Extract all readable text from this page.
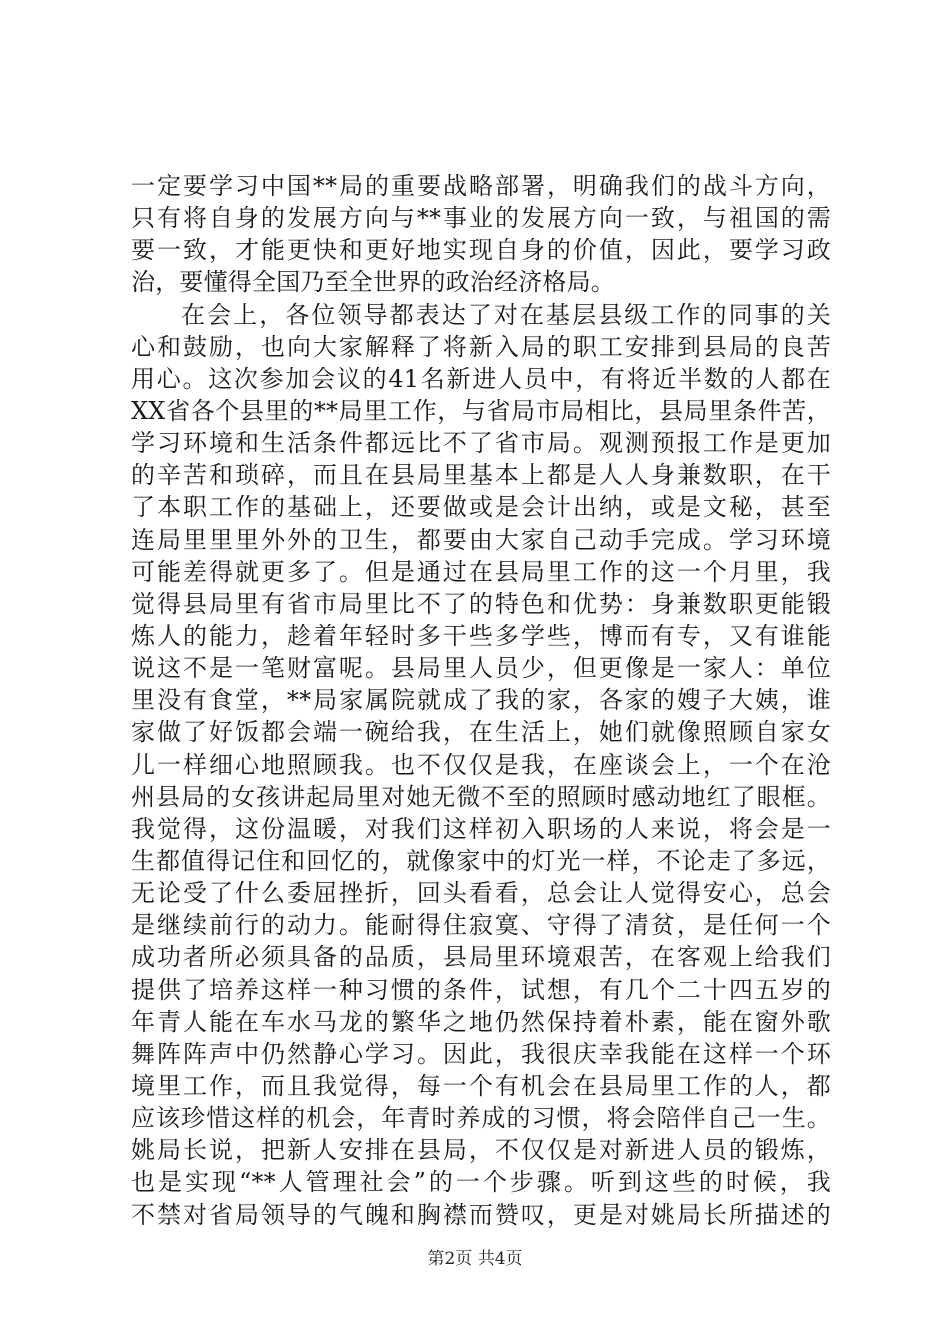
一定要学习中国**局的重要战略部署，明确我们的战斗方向，
只有将自身的发展方向与**事业的发展方向一致，与祖国的需
要一致，才能更快和更好地实现自身的价值，因此，要学习政
治，要懂得全国乃至全世界的政治经济格局。
在会上，各位领导都表达了对在基层县级工作的同事的关
心和鼓励，也向大家解释了将新入局的职工安排到县局的良苦
用心。这次参加会议的41名新进人员中，有将近半数的人都在
XX省各个县里的**局里工作，与省局市局相比，县局里条件苦，
学习环境和生活条件都远比不了省市局。观测预报工作是更加
的辛苦和琐碎，而且在县局里基本上都是人人身兼数职，在干
了本职工作的基础上，还要做或是会计出纳，或是文秘，甚至
连局里里里外外的卫生，都要由大家自己动手完成。学习环境
可能差得就更多了。但是通过在县局里工作的这一个月里，我
觉得县局里有省市局里比不了的特色和优势：身兼数职更能锻
炼人的能力，趁着年轻时多干些多学些，博而有专，又有谁能
说这不是一笔财富呢。县局里人员少，但更像是一家人：单位
里没有食堂，**局家属院就成了我的家，各家的嫂子大姨，谁
家做了好饭都会端一碗给我，在生活上，她们就像照顾自家女
儿一样细心地照顾我。也不仅仅是我，在座谈会上，一个在沧
州县局的女孩讲起局里对她无微不至的照顾时感动地红了眼框。
我觉得，这份温暖，对我们这样初入职场的人来说，将会是一
生都值得记住和回忆的，就像家中的灯光一样，不论走了多远，
无论受了什么委屈挫折，回头看看，总会让人觉得安心，总会
是继续前行的动力。能耐得住寂寞、守得了清贫，是任何一个
成功者所必须具备的品质，县局里环境艰苦，在客观上给我们
提供了培养这样一种习惯的条件，试想，有几个二十四五岁的
年青人能在车水马龙的繁华之地仍然保持着朴素，能在窗外歌
舞阵阵声中仍然静心学习。因此，我很庆幸我能在这样一个环
境里工作，而且我觉得，每一个有机会在县局里工作的人，都
应该珍惜这样的机会，年青时养成的习惯，将会陪伴自己一生。
姚局长说，把新人安排在县局，不仅仅是对新进人员的锻炼，
也是实现“**人管理社会”的一个步骤。听到这些的时候，我
不禁对省局领导的气魄和胸襟而赞叹，更是对姚局长所描述的
第2页 共4页
